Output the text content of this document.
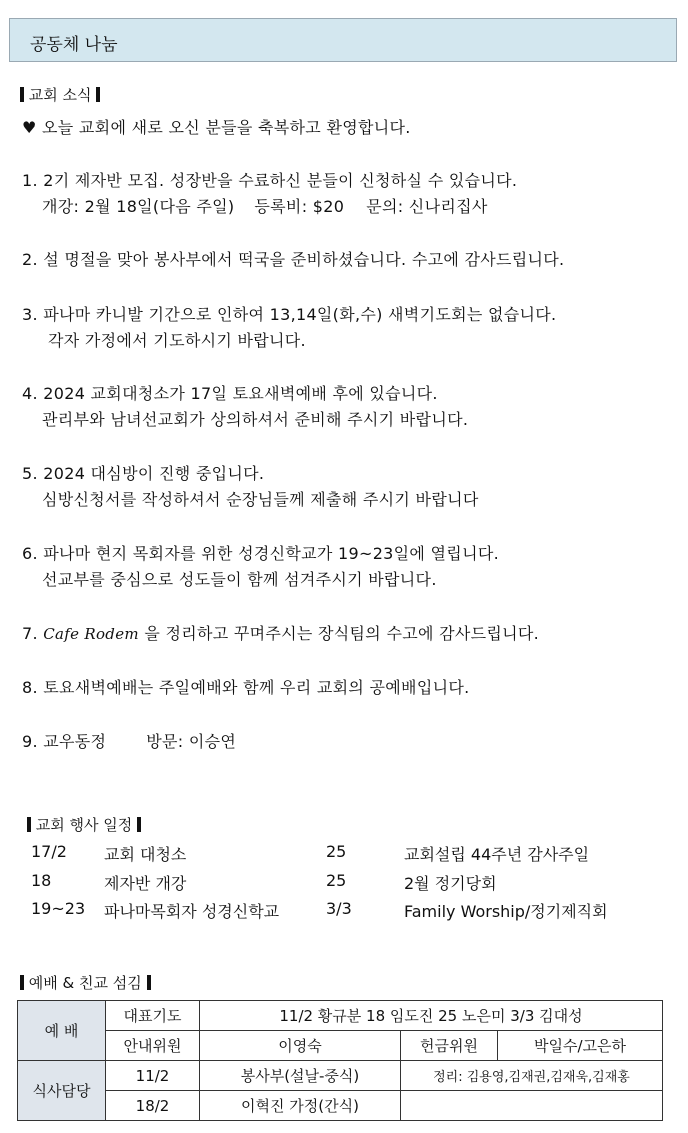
공동체 나눔
교회 소식
♥ 오늘 교회에 새로 오신 분들을 축복하고 환영합니다.
1. 2기 제자반 모집. 성장반을 수료하신 분들이 신청하실 수 있습니다.
개강: 2월 18일(다음 주일) 등록비: $20 문의: 신나리집사
2. 설 명절을 맞아 봉사부에서 떡국을 준비하셨습니다. 수고에 감사드립니다.
3. 파나마 카니발 기간으로 인하여 13,14일(화,수) 새벽기도회는 없습니다.
각자 가정에서 기도하시기 바랍니다.
4. 2024 교회대청소가 17일 토요새벽예배 후에 있습니다.
관리부와 남녀선교회가 상의하셔서 준비해 주시기 바랍니다.
5. 2024 대심방이 진행 중입니다.
심방신청서를 작성하셔서 순장님들께 제출해 주시기 바랍니다
6. 파나마 현지 목회자를 위한 성경신학교가 19~23일에 열립니다.
선교부를 중심으로 성도들이 함께 섬겨주시기 바랍니다.
7. Cafe Rodem 을 정리하고 꾸며주시는 장식팀의 수고에 감사드립니다.
8. 토요새벽예배는 주일예배와 함께 우리 교회의 공예배입니다.
9. 교우동정	방문: 이승연
교회 행사 일정
17/2 교회 대청소	25	교회설립 44주년 감사주일
18	제자반 개강	25	2월 정기당회
19~23 파나마목회자 성경신학교	3/3	Family Worship/정기제직회
예배 & 친교 섬김
예 배	대표기도	11/2 황규분 18 임도진 25 노은미 3/3 김대성		
	안내위원	이영숙	헌금위원	박일수/고은하
식사담당	11/2	봉사부(설날-중식)	정리: 김용영,김재권,김재욱,김재홍	
	18/2	이혁진 가정(간식)		
